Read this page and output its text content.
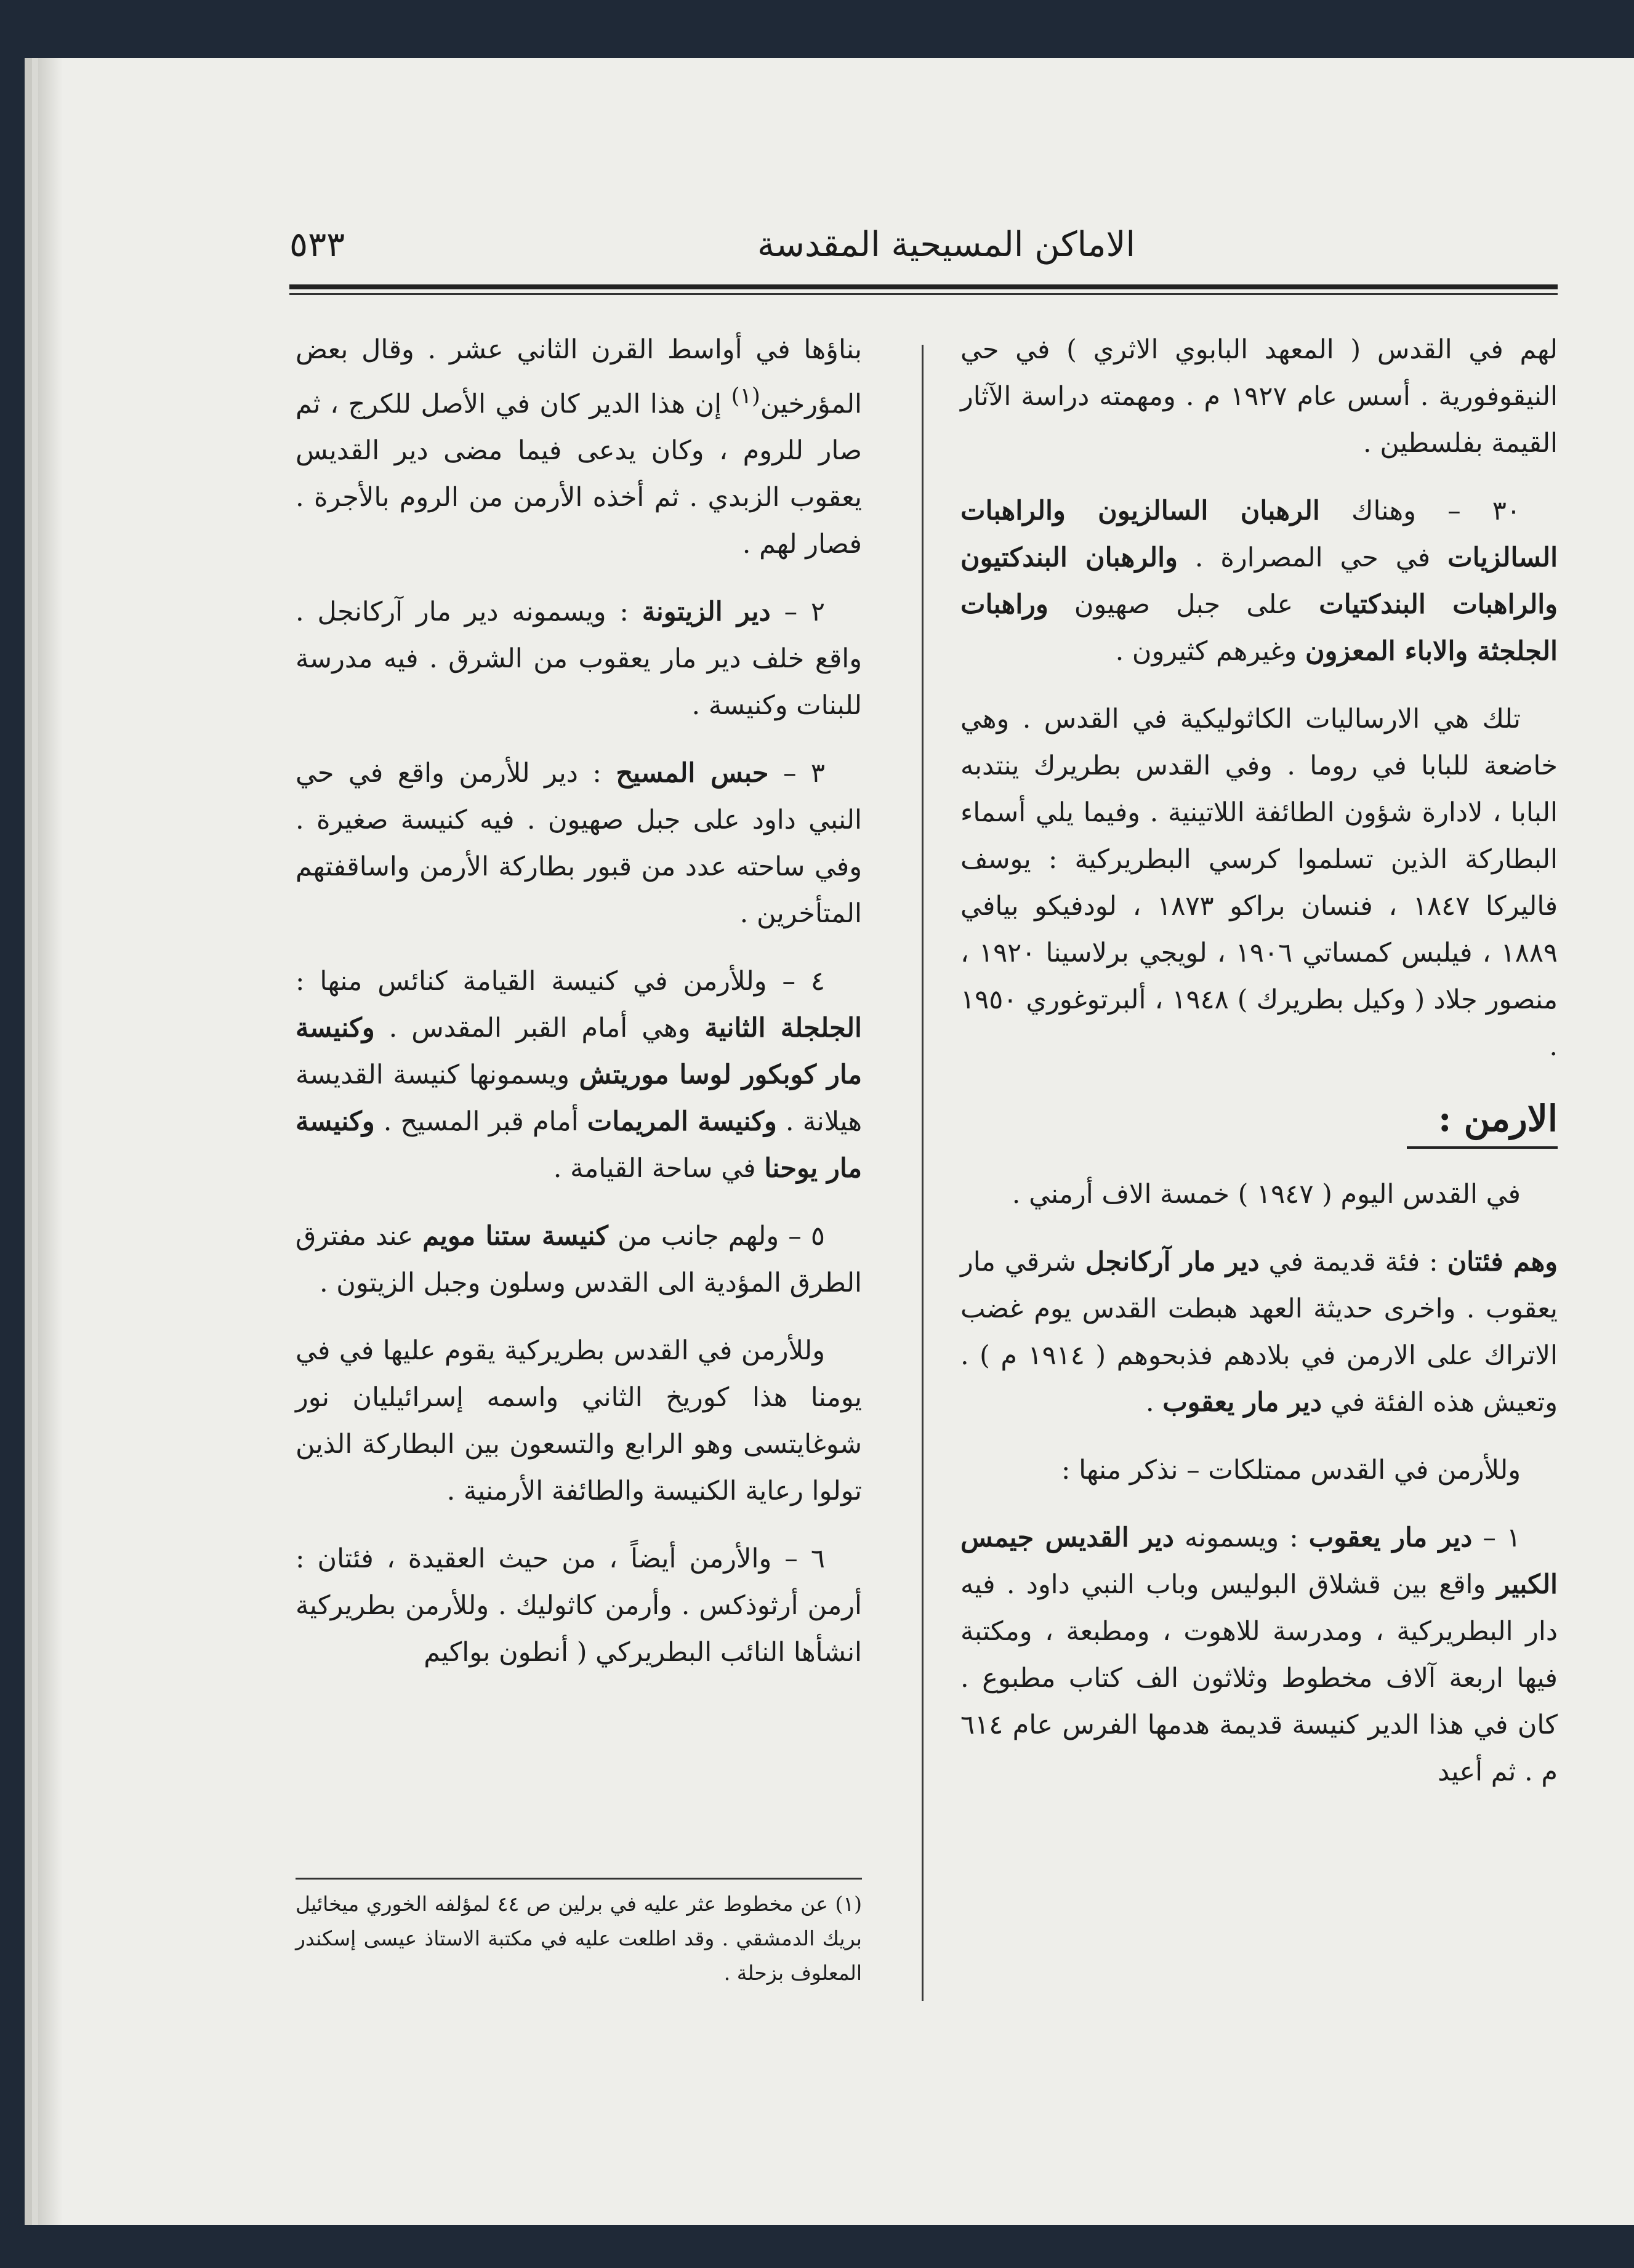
الاماكن المسيحية المقدسة
٥٣٣

لهم في القدس ( المعهد البابوي الاثري ) في حي النيقوفورية . أسس عام ١٩٢٧ م . ومهمته دراسة الآثار القيمة بفلسطين .

٣٠ – وهناك الرهبان السالزيون والراهبات السالزيات في حي المصرارة . والرهبان البندكتيون والراهبات البندكتيات على جبل صهيون وراهبات الجلجثة والاباء المعزون وغيرهم كثيرون .

تلك هي الارساليات الكاثوليكية في القدس . وهي خاضعة للبابا في روما . وفي القدس بطريرك ينتدبه البابا ، لادارة شؤون الطائفة اللاتينية . وفيما يلي أسماء البطاركة الذين تسلموا كرسي البطريركية : يوسف فاليركا ١٨٤٧ ، فنسان براكو ١٨٧٣ ، لودفيكو بيافي ١٨٨٩ ، فيلبس كمساتي ١٩٠٦ ، لويجي برلاسينا ١٩٢٠ ، منصور جلاد ( وكيل بطريرك ) ١٩٤٨ ، ألبرتوغوري ١٩٥٠ .

الارمن :

في القدس اليوم ( ١٩٤٧ ) خمسة الاف أرمني .

وهم فئتان : فئة قديمة في دير مار آركانجل شرقي مار يعقوب . واخرى حديثة العهد هبطت القدس يوم غضب الاتراك على الارمن في بلادهم فذبحوهم ( ١٩١٤ م ) . وتعيش هذه الفئة في دير مار يعقوب .

وللأرمن في القدس ممتلكات – نذكر منها :

١ – دير مار يعقوب : ويسمونه دير القديس جيمس الكبير واقع بين قشلاق البوليس وباب النبي داود . فيه دار البطريركية ، ومدرسة للاهوت ، ومطبعة ، ومكتبة فيها اربعة آلاف مخطوط وثلاثون الف كتاب مطبوع . كان في هذا الدير كنيسة قديمة هدمها الفرس عام ٦١٤ م . ثم أعيد

بناؤها في أواسط القرن الثاني عشر . وقال بعض المؤرخين$^{(١)}$ إن هذا الدير كان في الأصل للكرج ، ثم صار للروم ، وكان يدعى فيما مضى دير القديس يعقوب الزبدي . ثم أخذه الأرمن من الروم بالأجرة . فصار لهم .

٢ – دير الزيتونة : ويسمونه دير مار آركانجل . واقع خلف دير مار يعقوب من الشرق . فيه مدرسة للبنات وكنيسة .

٣ – حبس المسيح : دير للأرمن واقع في حي النبي داود على جبل صهيون . فيه كنيسة صغيرة . وفي ساحته عدد من قبور بطاركة الأرمن واساقفتهم المتأخرين .

٤ – وللأرمن في كنيسة القيامة كنائس منها : الجلجلة الثانية وهي أمام القبر المقدس . وكنيسة مار كوبكور لوسا موريتش ويسمونها كنيسة القديسة هيلانة . وكنيسة المريمات أمام قبر المسيح . وكنيسة مار يوحنا في ساحة القيامة .

٥ – ولهم جانب من كنيسة ستنا مويم عند مفترق الطرق المؤدية الى القدس وسلون وجبل الزيتون .

وللأرمن في القدس بطريركية يقوم عليها في في يومنا هذا كوريخ الثاني واسمه إسرائيليان نور شوغايتسى وهو الرابع والتسعون بين البطاركة الذين تولوا رعاية الكنيسة والطائفة الأرمنية .

٦ – والأرمن أيضاً ، من حيث العقيدة ، فئتان : أرمن أرثوذكس . وأرمن كاثوليك . وللأرمن بطريركية انشأها النائب البطريركي ( أنطون بواكيم

(١) عن مخطوط عثر عليه في برلين ص ٤٤ لمؤلفه الخوري ميخائيل بريك الدمشقي . وقد اطلعت عليه في مكتبة الاستاذ عيسى إسكندر المعلوف بزحلة .
